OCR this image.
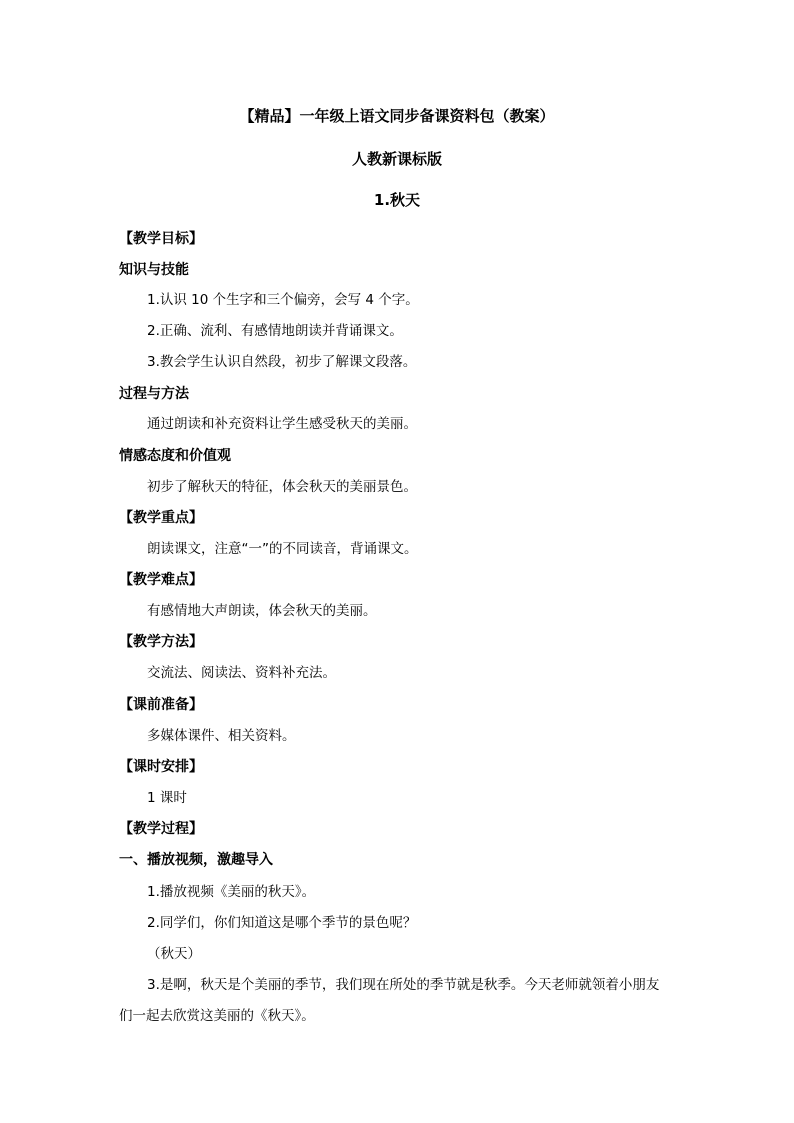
【精品】一年级上语文同步备课资料包（教案）
人教新课标版
1.秋天
【教学目标】
知识与技能
1.认识 10 个生字和三个偏旁，会写 4 个字。
2.正确、流利、有感情地朗读并背诵课文。
3.教会学生认识自然段，初步了解课文段落。
过程与方法
通过朗读和补充资料让学生感受秋天的美丽。
情感态度和价值观
初步了解秋天的特征，体会秋天的美丽景色。
【教学重点】
朗读课文，注意“一”的不同读音，背诵课文。
【教学难点】
有感情地大声朗读，体会秋天的美丽。
【教学方法】
交流法、阅读法、资料补充法。
【课前准备】
多媒体课件、相关资料。
【课时安排】
1 课时
【教学过程】
一、播放视频，激趣导入
1.播放视频《美丽的秋天》。
2.同学们，你们知道这是哪个季节的景色呢？
（秋天）
3.是啊，秋天是个美丽的季节，我们现在所处的季节就是秋季。今天老师就领着小朋友
们一起去欣赏这美丽的《秋天》。
